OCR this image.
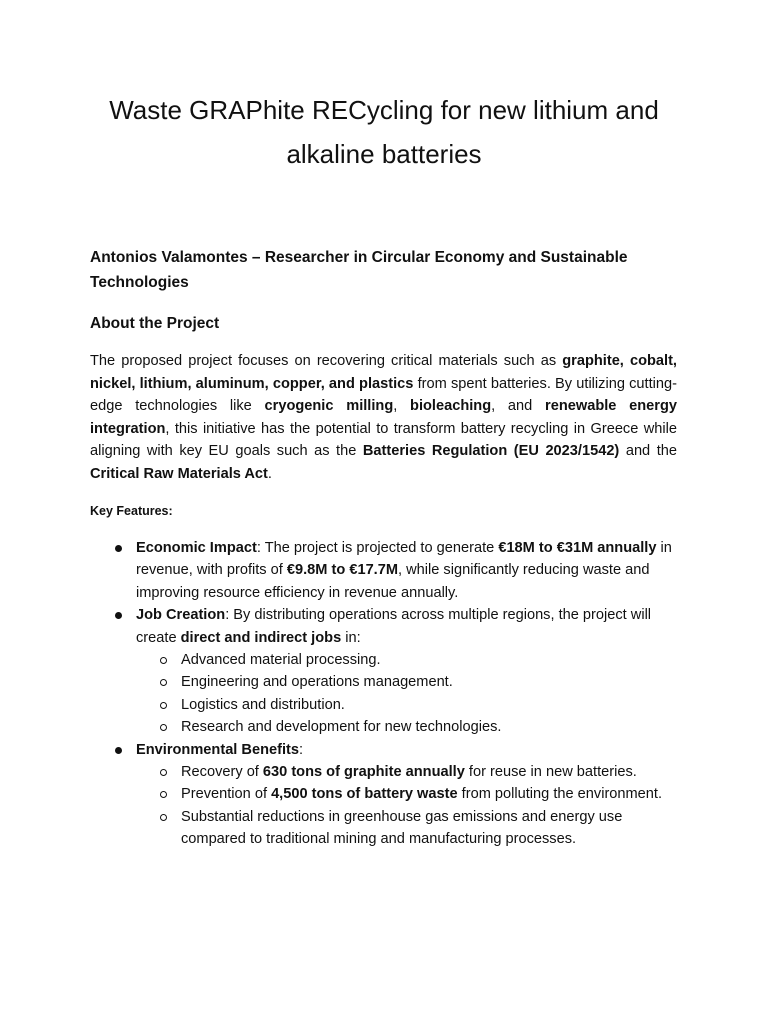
Waste GRAPhite RECycling for new lithium and alkaline batteries

Antonios Valamontes – Researcher in Circular Economy and Sustainable Technologies

About the Project

The proposed project focuses on recovering critical materials such as graphite, cobalt, nickel, lithium, aluminum, copper, and plastics from spent batteries. By utilizing cutting-edge technologies like cryogenic milling, bioleaching, and renewable energy integration, this initiative has the potential to transform battery recycling in Greece while aligning with key EU goals such as the Batteries Regulation (EU 2023/1542) and the Critical Raw Materials Act.

Key Features:

Economic Impact: The project is projected to generate €18M to €31M annually in revenue, with profits of €9.8M to €17.7M, while significantly reducing waste and improving resource efficiency in revenue annually.
Job Creation: By distributing operations across multiple regions, the project will create direct and indirect jobs in:
Advanced material processing.
Engineering and operations management.
Logistics and distribution.
Research and development for new technologies.
Environmental Benefits:
Recovery of 630 tons of graphite annually for reuse in new batteries.
Prevention of 4,500 tons of battery waste from polluting the environment.
Substantial reductions in greenhouse gas emissions and energy use compared to traditional mining and manufacturing processes.
